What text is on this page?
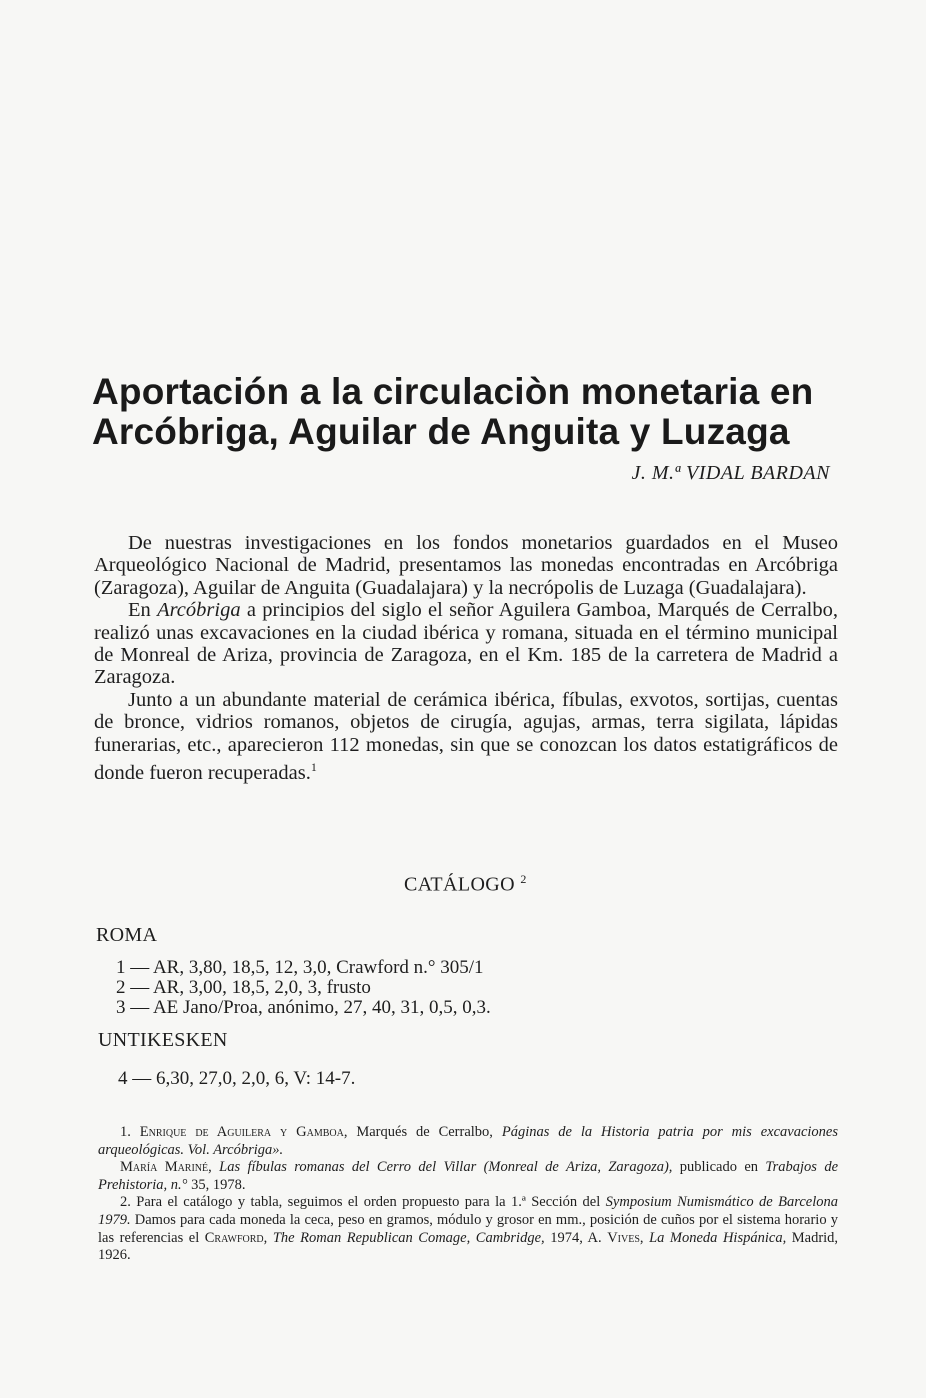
Aportación a la circulaciòn monetaria en
Arcóbriga, Aguilar de Anguita y Luzaga
J. M.ª VIDAL BARDAN

De nuestras investigaciones en los fondos monetarios guardados en el Museo Arqueológico Nacional de Madrid, presentamos las monedas encontradas en Arcóbriga (Zaragoza), Aguilar de Anguita (Guadalajara) y la necrópolis de Luzaga (Guadalajara).

En Arcóbriga a principios del siglo el señor Aguilera Gamboa, Marqués de Cerralbo, realizó unas excavaciones en la ciudad ibérica y romana, situada en el término municipal de Monreal de Ariza, provincia de Zaragoza, en el Km. 185 de la carretera de Madrid a Zaragoza.

Junto a un abundante material de cerámica ibérica, fíbulas, exvotos, sortijas, cuentas de bronce, vidrios romanos, objetos de cirugía, agujas, armas, terra sigilata, lápidas funerarias, etc., aparecieron 112 monedas, sin que se conozcan los datos estatigráficos de donde fueron recuperadas.$^1$

CATÁLOGO $^2$
ROMA
1 — AR, 3,80, 18,5, 12, 3,0, Crawford n.° 305/1
2 — AR, 3,00, 18,5, 2,0, 3, frusto
3 — AE Jano/Proa, anónimo, 27, 40, 31, 0,5, 0,3.
UNTIKESKEN
4 — 6,30, 27,0, 2,0, 6, V: 14-7.

1. Enrique de Aguilera y Gamboa, Marqués de Cerralbo, Páginas de la Historia patria por mis excavaciones arqueológicas. Vol. Arcóbriga».

María Mariné, Las fíbulas romanas del Cerro del Villar (Monreal de Ariza, Zaragoza), publicado en Trabajos de Prehistoria, n.° 35, 1978.

2. Para el catálogo y tabla, seguimos el orden propuesto para la 1.ª Sección del Symposium Numismático de Barcelona 1979. Damos para cada moneda la ceca, peso en gramos, módulo y grosor en mm., posición de cuños por el sistema horario y las referencias el Crawford, The Roman Republican Comage, Cambridge, 1974, A. Vives, La Moneda Hispánica, Madrid, 1926.
